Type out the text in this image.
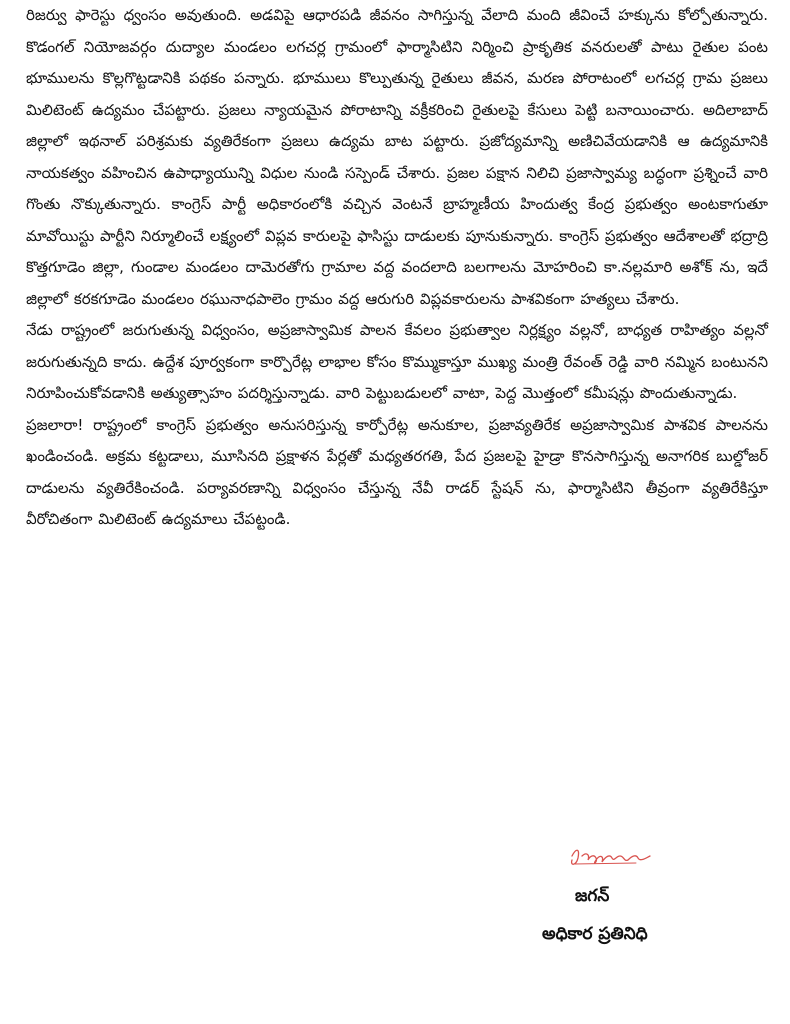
రిజర్వు ఫారెస్టు ధ్వంసం అవుతుంది. అడవిపై ఆధారపడి జీవనం సాగిస్తున్న వేలాది మంది జీవించే హక్కును కోల్పోతున్నారు. కొడంగల్ నియోజవర్గం దుద్యాల మండలం లగచర్ల గ్రామంలో ఫార్మాసిటిని నిర్మించి ప్రాకృతిక వనరులతో పాటు రైతుల పంట భూములను కొల్లగొట్టడానికి పథకం పన్నారు. భూములు కొల్పుతున్న రైతులు జీవన, మరణ పోరాటంలో లగచర్ల గ్రామ ప్రజలు మిలిటెంట్ ఉద్యమం చేపట్టారు. ప్రజలు న్యాయమైన పోరాటాన్ని వక్రీకరించి రైతులపై కేసులు పెట్టి బనాయించారు. అదిలాబాద్ జిల్లాలో ఇథనాల్ పరిశ్రమకు వ్యతిరేకంగా ప్రజలు ఉద్యమ బాట పట్టారు. ప్రజోద్యమాన్ని అణిచివేయడానికి ఆ ఉద్యమానికి నాయకత్వం వహించిన ఉపాధ్యాయున్ని విధుల నుండి సస్పెండ్ చేశారు. ప్రజల పక్షాన నిలిచి ప్రజాస్వామ్య బద్ధంగా ప్రశ్నించే వారి గొంతు నొక్కుతున్నారు. కాంగ్రెస్ పార్టీ అధికారంలోకి వచ్చిన వెంటనే బ్రాహ్మణీయ హిందుత్వ కేంద్ర ప్రభుత్వం అంటకాగుతూ మావోయిస్టు పార్టీని నిర్మూలించే లక్ష్యంలో విప్లవ కారులపై ఫాసిస్టు దాడులకు పూనుకున్నారు. కాంగ్రెస్ ప్రభుత్వం ఆదేశాలతో భద్రాద్రి కొత్తగూడెం జిల్లా, గుండాల మండలం దామెరతోగు గ్రామాల వద్ద వందలాది బలగాలను మోహరించి కా.నల్లమారి అశోక్ ను, ఇదే జిల్లాలో కరకగూడెం మండలం రఘునాధపాలెం గ్రామం వద్ద ఆరుగురి విప్లవకారులను పాశవికంగా హత్యలు చేశారు.

నేడు రాష్ట్రంలో జరుగుతున్న విధ్వంసం, అప్రజాస్వామిక పాలన కేవలం ప్రభుత్వాల నిర్లక్ష్యం వల్లనో, బాధ్యత రాహిత్యం వల్లనో జరుగుతున్నది కాదు. ఉద్దేశ పూర్వకంగా కార్పొరేట్ల లాభాల కోసం కొమ్ముకాస్తూ ముఖ్య మంత్రి రేవంత్ రెడ్డి వారి నమ్మిన బంటునని నిరూపించుకోవడానికి అత్యుత్సాహం పదర్శిస్తున్నాడు. వారి పెట్టుబడులలో వాటా, పెద్ద మొత్తంలో కమీషన్లు పొందుతున్నాడు.

ప్రజలారా! రాష్ట్రంలో కాంగ్రెస్ ప్రభుత్వం అనుసరిస్తున్న కార్పోరేట్ల అనుకూల, ప్రజావ్యతిరేక అప్రజాస్వామిక పాశవిక పాలనను ఖండించండి. అక్రమ కట్టడాలు, మూసినది ప్రక్షాళన పేర్లతో మధ్యతరగతి, పేద ప్రజలపై హైడ్రా కొనసాగిస్తున్న అనాగరిక బుల్డోజర్ దాడులను వ్యతిరేకించండి. పర్యావరణాన్ని విధ్వంసం చేస్తున్న నేవీ రాడర్ స్టేషన్ ను, ఫార్మాసిటిని తీవ్రంగా వ్యతిరేకిస్తూ వీరోచితంగా మిలిటెంట్ ఉద్యమాలు చేపట్టండి.

జగన్
అధికార ప్రతినిధి
